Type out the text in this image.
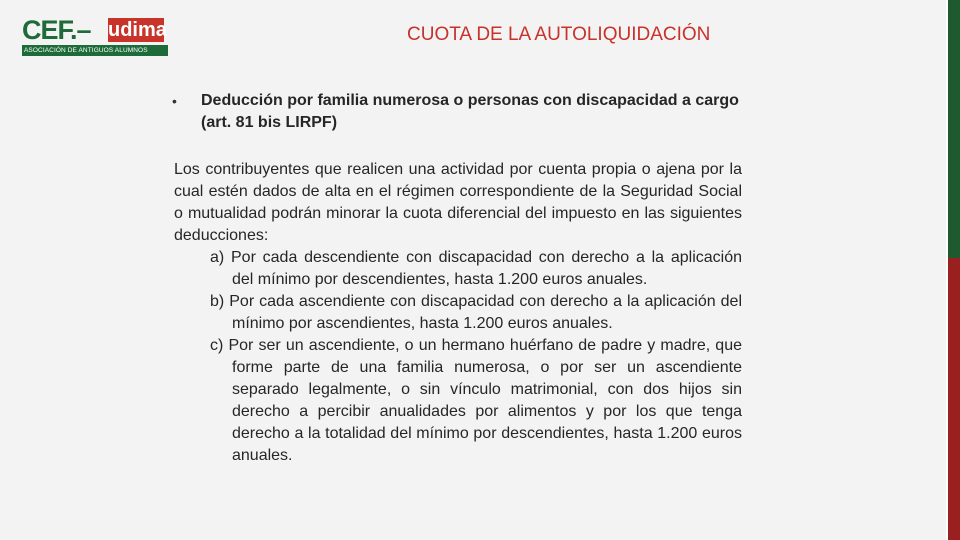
CEF.– udima
ASOCIACIÓN DE ANTIGUOS ALUMNOS
CUOTA DE LA AUTOLIQUIDACIÓN
• Deducción por familia numerosa o personas con discapacidad a cargo (art. 81 bis LIRPF)

Los contribuyentes que realicen una actividad por cuenta propia o ajena por la cual estén dados de alta en el régimen correspondiente de la Seguridad Social o mutualidad podrán minorar la cuota diferencial del impuesto en las siguientes deducciones:

a) Por cada descendiente con discapacidad con derecho a la aplicación del mínimo por descendientes, hasta 1.200 euros anuales.

b) Por cada ascendiente con discapacidad con derecho a la aplicación del mínimo por ascendientes, hasta 1.200 euros anuales.

c) Por ser un ascendiente, o un hermano huérfano de padre y madre, que forme parte de una familia numerosa, o por ser un ascendiente separado legalmente, o sin vínculo matrimonial, con dos hijos sin derecho a percibir anualidades por alimentos y por los que tenga derecho a la totalidad del mínimo por descendientes, hasta 1.200 euros anuales.
